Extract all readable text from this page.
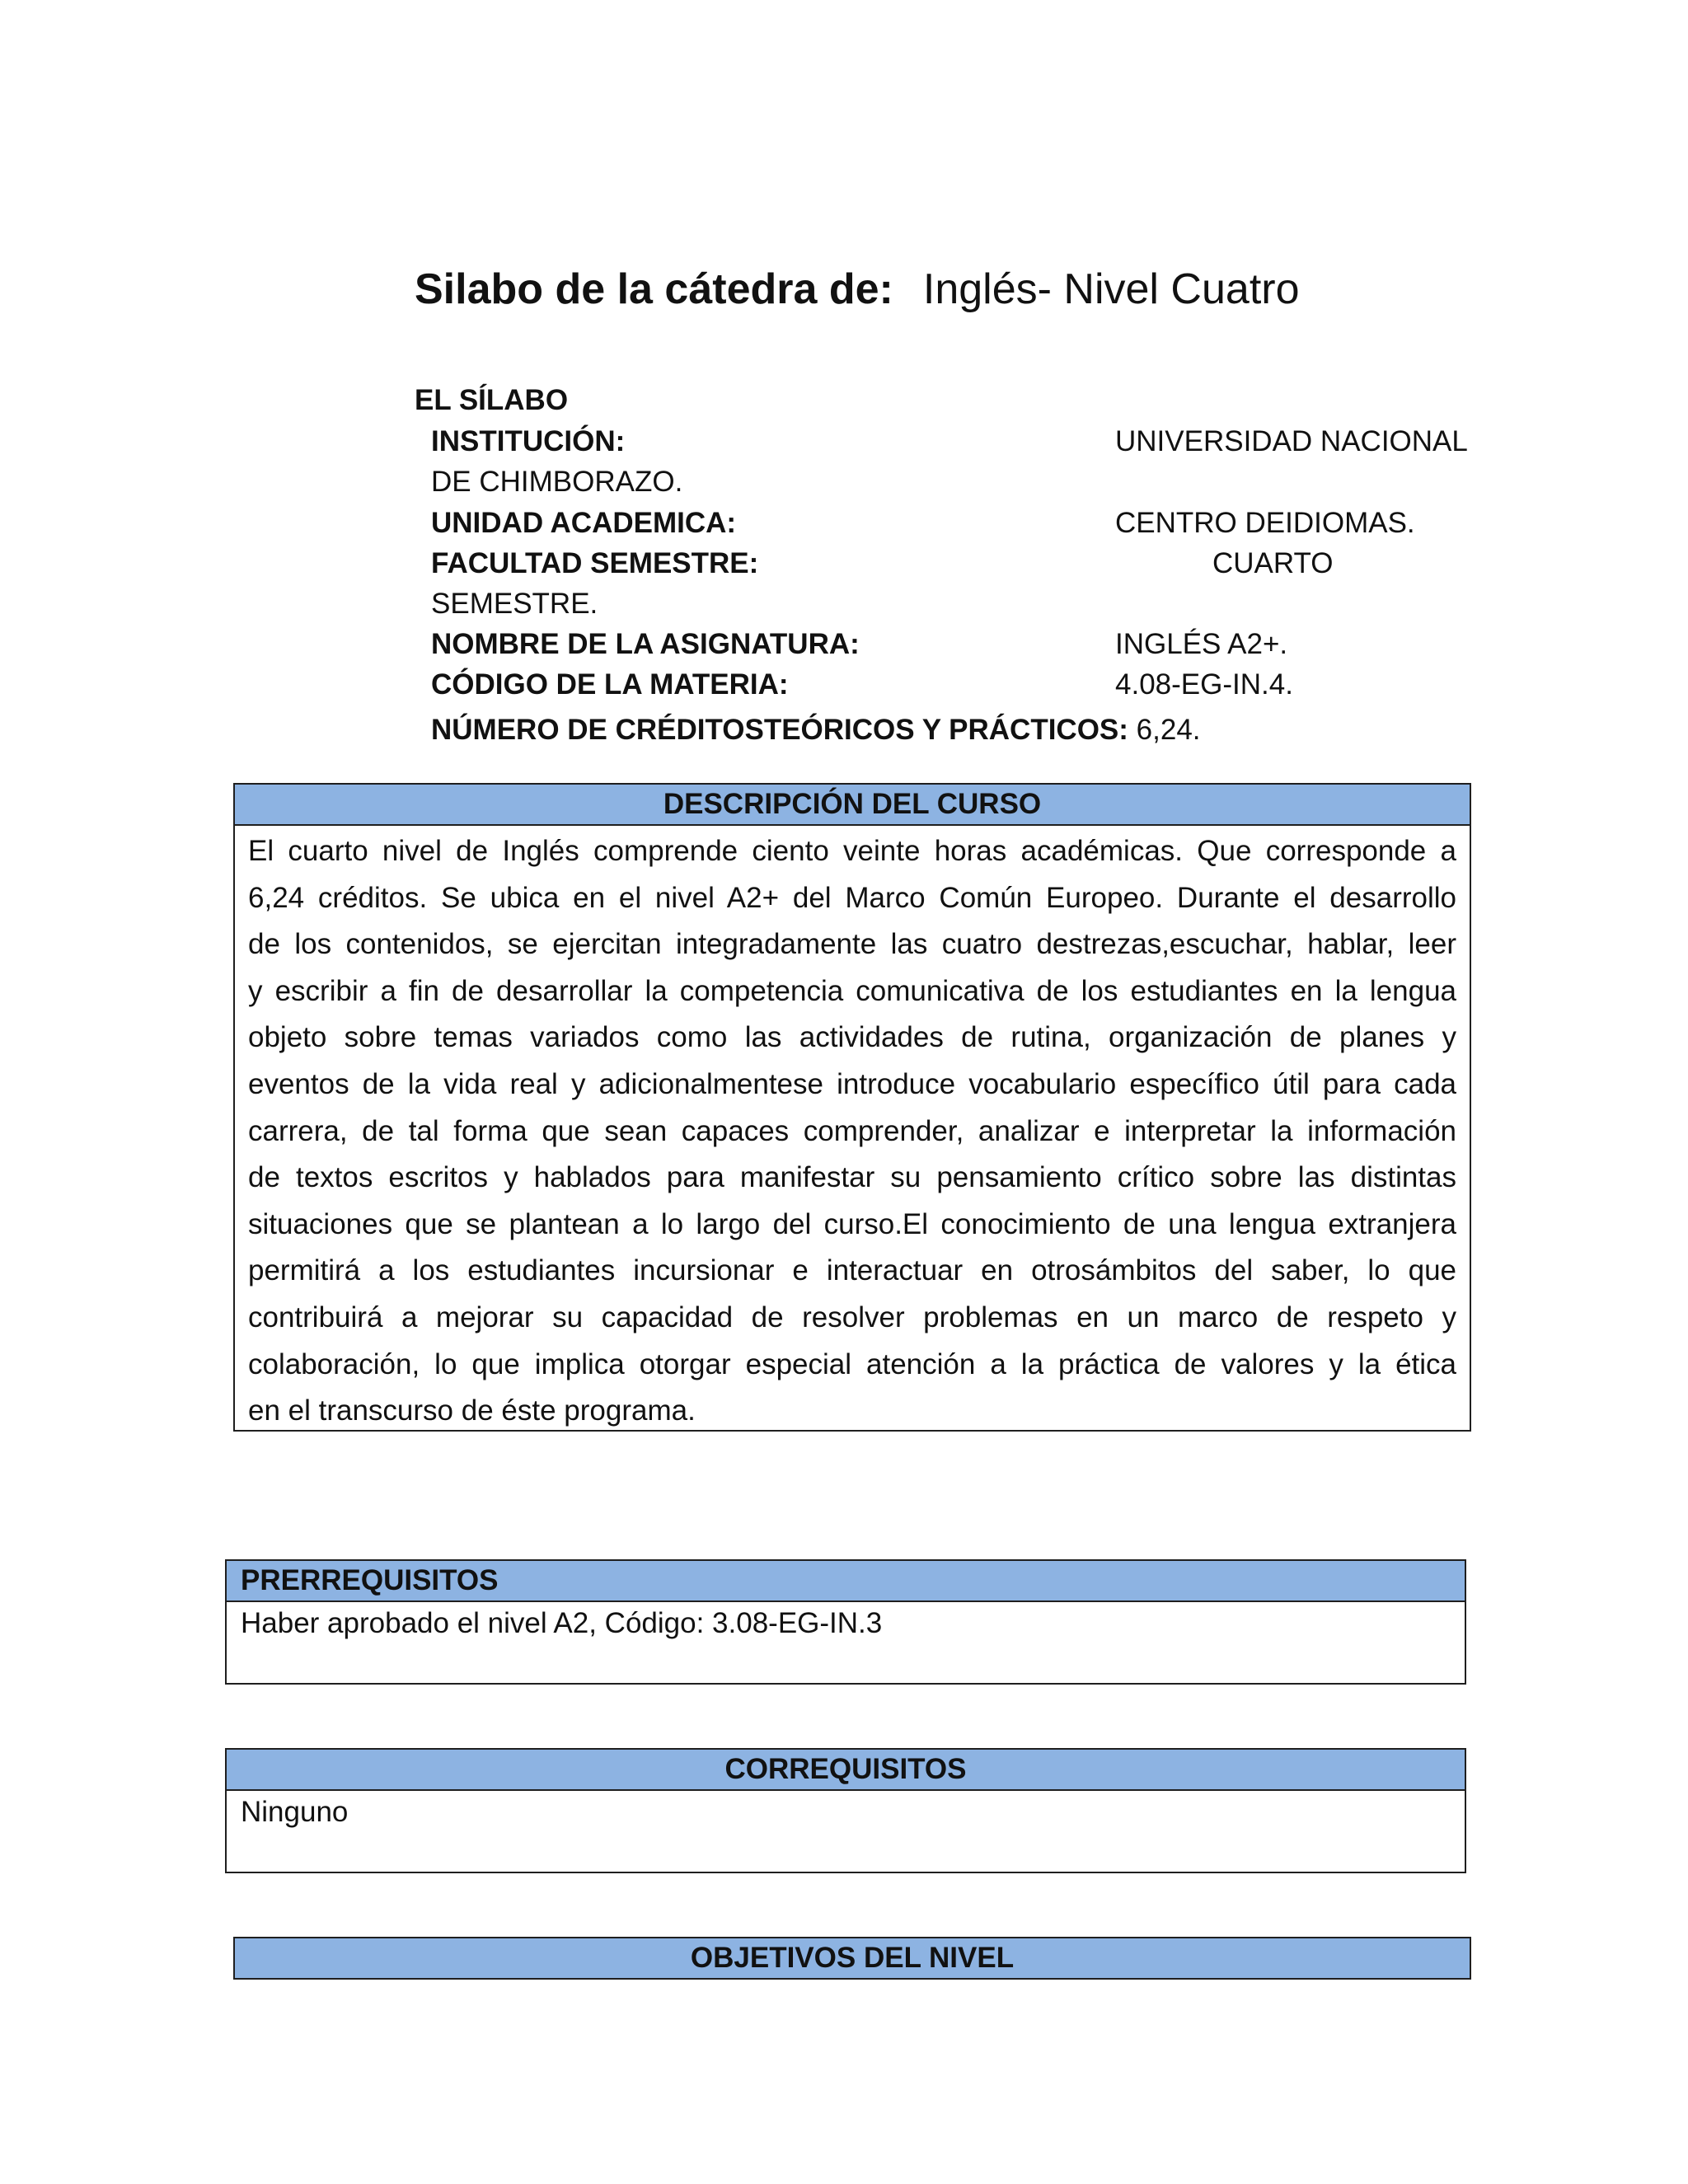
Silabo de la cátedra de: Inglés- Nivel Cuatro
EL SÍLABO
INSTITUCIÓN:	UNIVERSIDAD NACIONAL
DE CHIMBORAZO.
UNIDAD ACADEMICA:	CENTRO DEIDIOMAS.
FACULTAD SEMESTRE:	CUARTO
SEMESTRE.
NOMBRE DE LA ASIGNATURA:	INGLÉS A2+.
CÓDIGO DE LA MATERIA:	4.08-EG-IN.4.
NÚMERO DE CRÉDITOSTEÓRICOS Y PRÁCTICOS: 6,24.
DESCRIPCIÓN DEL CURSO
El cuarto nivel de Inglés comprende ciento veinte horas académicas. Que corresponde a
6,24 créditos. Se ubica en el nivel A2+ del Marco Común Europeo. Durante el desarrollo
de los contenidos, se ejercitan integradamente las cuatro destrezas,escuchar, hablar, leer
y escribir a fin de desarrollar la competencia comunicativa de los estudiantes en la lengua
objeto sobre temas variados como las actividades de rutina, organización de planes y
eventos de la vida real y adicionalmentese introduce vocabulario específico útil para cada
carrera, de tal forma que sean capaces comprender, analizar e interpretar la información
de textos escritos y hablados para manifestar su pensamiento crítico sobre las distintas
situaciones que se plantean a lo largo del curso.El conocimiento de una lengua extranjera
permitirá a los estudiantes incursionar e interactuar en otrosámbitos del saber, lo que
contribuirá a mejorar su capacidad de resolver problemas en un marco de respeto y
colaboración, lo que implica otorgar especial atención a la práctica de valores y la ética
en el transcurso de éste programa.
PRERREQUISITOS
Haber aprobado el nivel A2, Código: 3.08-EG-IN.3
CORREQUISITOS
Ninguno
OBJETIVOS DEL NIVEL
